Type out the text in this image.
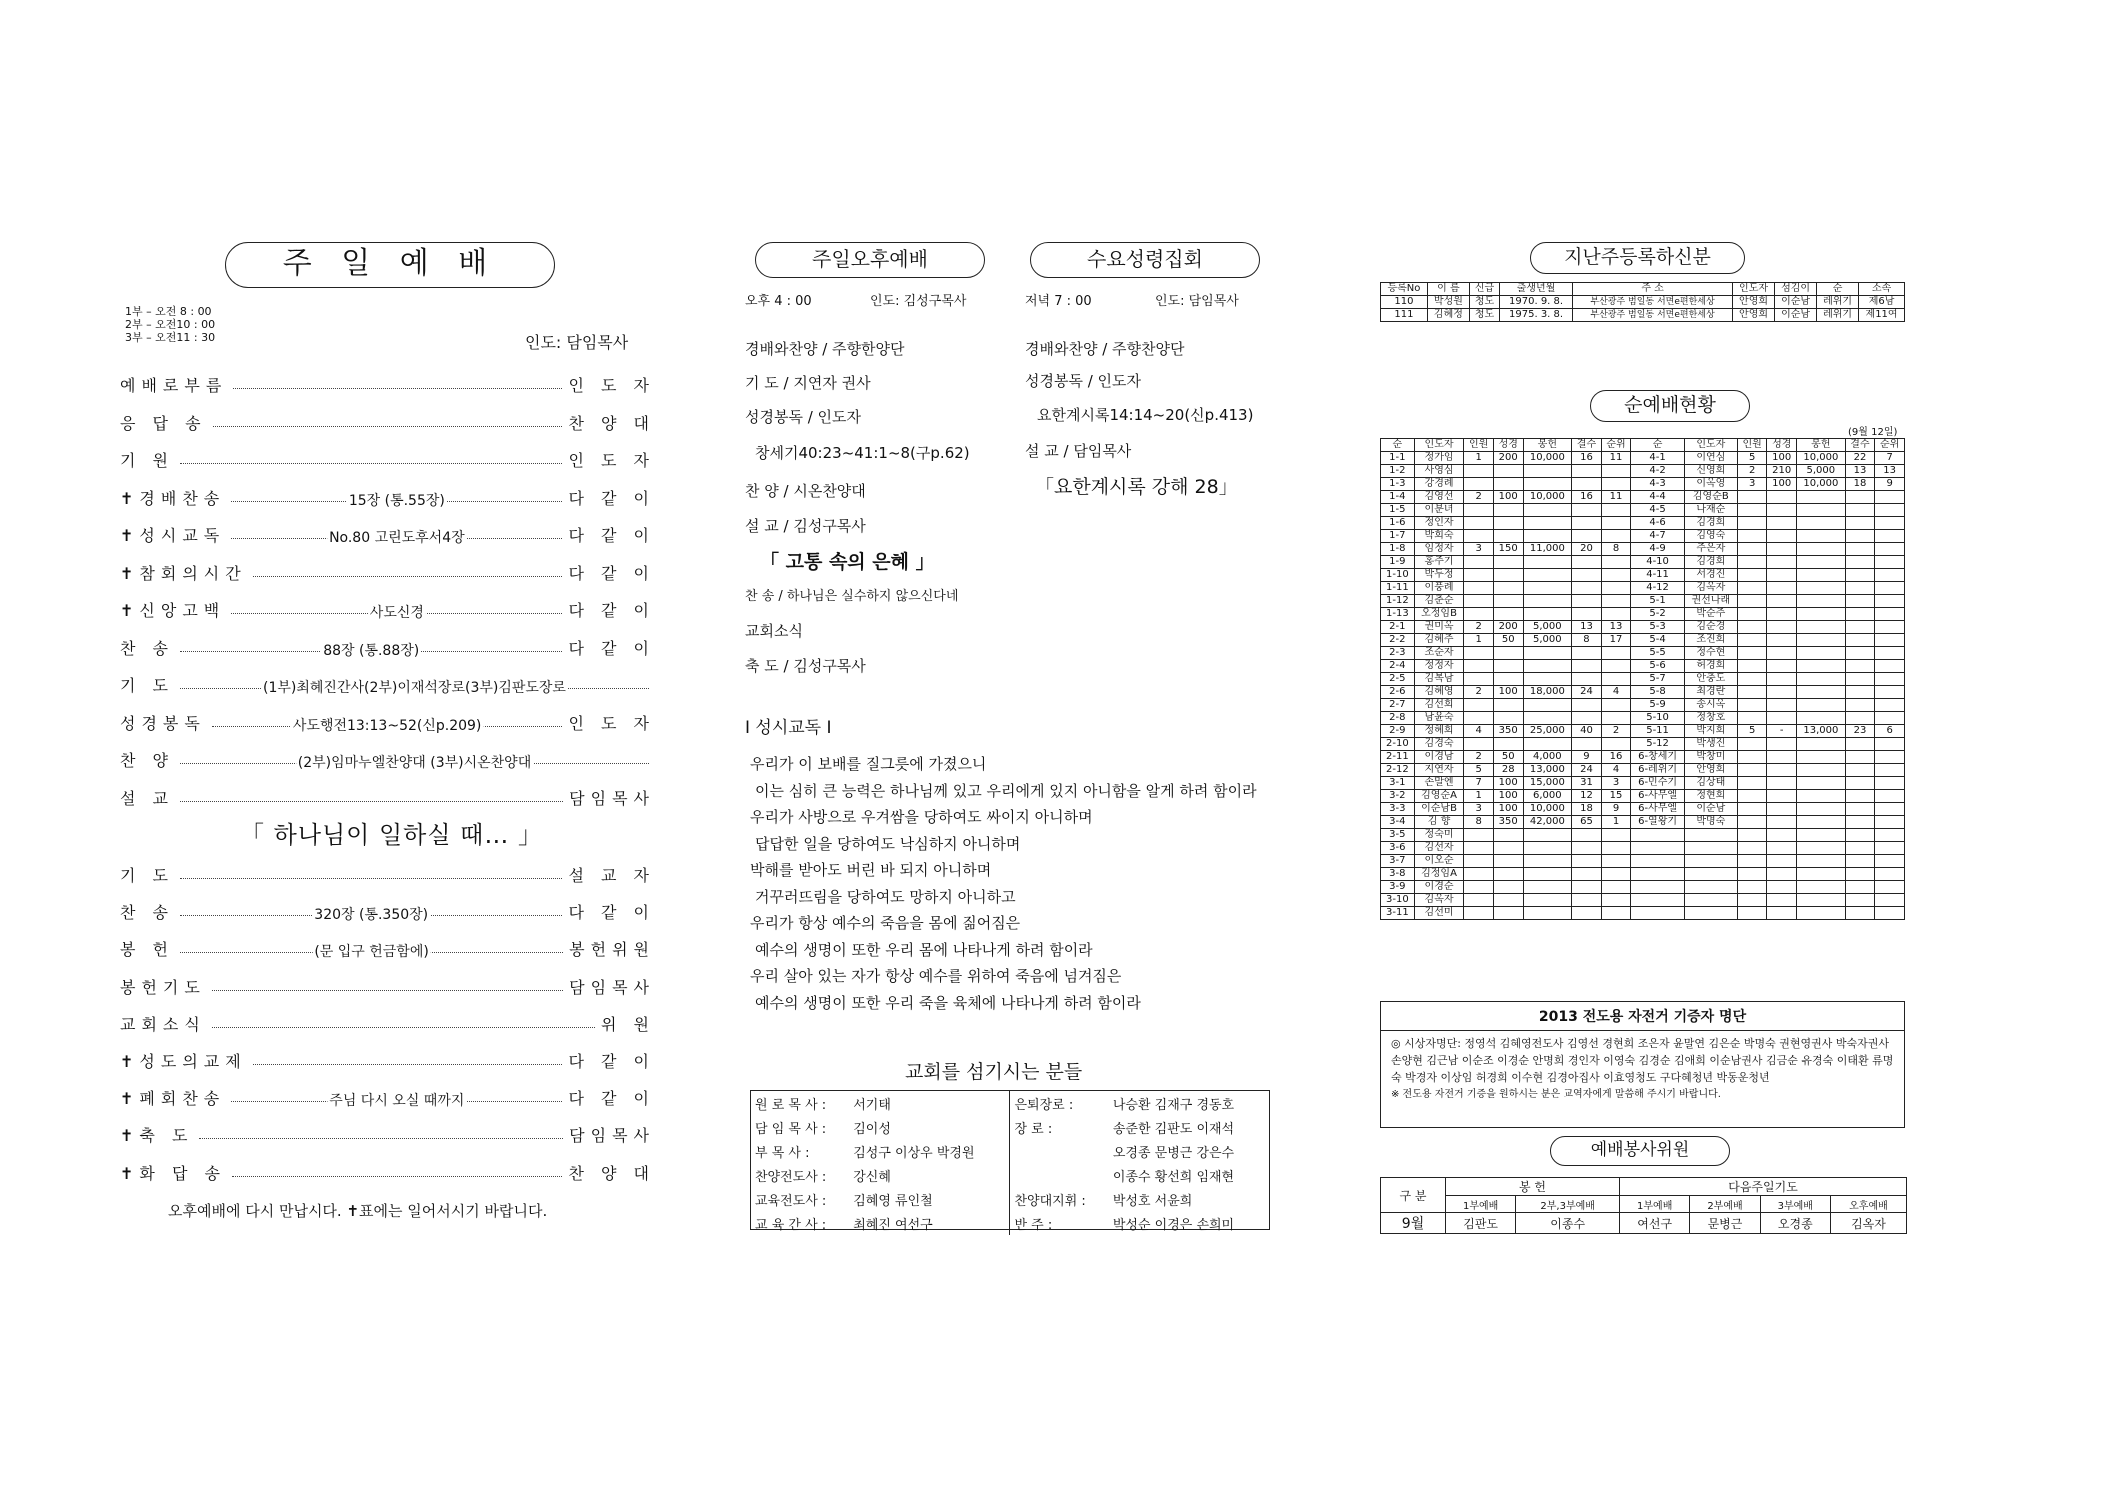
주 일 예 배
1부 – 오전 8 : 00
2부 – 오전10 : 00
3부 – 오전11 : 30	인도: 담임목사
예배로부름	인 도 자
응 답 송	찬 양 대
기 원	인 도 자
✝경배찬송	15장 (통.55장)	다 같 이
✝성시교독	No.80 고린도후서4장	다 같 이
✝참회의시간	다 같 이
✝신앙고백	사도신경	다 같 이
찬 송	88장 (통.88장)	다 같 이
기 도	(1부)최혜진간사(2부)이재석장로(3부)김판도장로
성경봉독	사도행전13:13~52(신p.209)	인 도 자
찬 양	(2부)임마누엘찬양대 (3부)시온찬양대
설 교	담임목사
「 하나님이 일하실 때… 」
기 도	설 교 자
찬 송	320장 (통.350장)	다 같 이
봉 헌	(문 입구 헌금함에)	봉헌위원
봉헌기도	담임목사
교회소식	위 원
✝성도의교제	다 같 이
✝폐회찬송	주님 다시 오실 때까지	다 같 이
✝축 도	담임목사
✝화 답 송	찬 양 대
오후예배에 다시 만납시다. ✝표에는 일어서시기 바랍니다.
주일오후예배	수요성령집회
오후 4 : 00	인도: 김성구목사	저녁 7 : 00	인도: 담임목사
경배와찬양 / 주향한양단
기 도 / 지연자 권사
성경봉독 / 인도자
창세기40:23~41:1~8(구p.62)
찬 양 / 시온찬양대
설 교 / 김성구목사
「 고통 속의 은혜 」
찬 송 / 하나님은 실수하지 않으신다네
교회소식
축 도 / 김성구목사
경배와찬양 / 주향찬양단
성경봉독 / 인도자
요한계시록14:14~20(신p.413)
설 교 / 담임목사
「요한계시록 강해 28」
Ⅰ 성시교독 Ⅰ
우리가 이 보배를 질그릇에 가졌으니
이는 심히 큰 능력은 하나님께 있고 우리에게 있지 아니함을 알게 하려 함이라
우리가 사방으로 우겨쌈을 당하여도 싸이지 아니하며
답답한 일을 당하여도 낙심하지 아니하며
박해를 받아도 버린 바 되지 아니하며
거꾸러뜨림을 당하여도 망하지 아니하고
우리가 항상 예수의 죽음을 몸에 짊어짐은
예수의 생명이 또한 우리 몸에 나타나게 하려 함이라
우리 살아 있는 자가 항상 예수를 위하여 죽음에 넘겨짐은
예수의 생명이 또한 우리 죽을 육체에 나타나게 하려 함이라
교회를 섬기시는 분들
원 로 목 사 :	서기태	은퇴장로 :	나승환 김재구 경동호
담 임 목 사 :	김이성	장 로 :	송준한 김판도 이재석
부 목 사 :	김성구 이상우 박경원		오경종 문병근 강은수
찬양전도사 :	강신혜		이종수 황선희 임재현
교육전도사 :	김혜영 류인철	찬양대지휘 :	박성호 서윤희
교 육 간 사 :	최혜진 여선구	반 주 :	박성순 이경은 손희미
지난주등록하신분
등록No	이 름	신급	출생년월	주 소	인도자	섬김이	순	소속
110	박성원	청도	1970. 9. 8.	부산광주 범일동 서면e편한세상	안영희	이순남	레위기	제6남
111	김혜정	청도	1975. 3. 8.	부산광주 범일동 서면e편한세상	안영희	이순남	레위기	제11여
순예배현황
(9월 12일)
순	인도자	인원	성경	봉헌	결수	순위	순	인도자	인원	성경	봉헌	결수	순위
1-1	정가임	1	200	10,000	16	11	4-1	이연심	5	100	10,000	22	7
1-2	사영심						4-2	신영희	2	210	5,000	13	13
1-3	강경례						4-3	이옥영	3	100	10,000	18	9
1-4	김영선	2	100	10,000	16	11	4-4	김영순B					
1-5	이분녀						4-5	나재순					
1-6	정인자						4-6	김경희					
1-7	박희숙						4-7	김영숙					
1-8	임정자	3	150	11,000	20	8	4-9	주은자					
1-9	홍주기						4-10	김경희					
1-10	박두정						4-11	서경진					
1-11	이풍례						4-12	김옥자					
1-12	김춘순						5-1	권선나래					
1-13	오정임B						5-2	박순주					
2-1	권미옥	2	200	5,000	13	13	5-3	김순경					
2-2	김혜주	1	50	5,000	8	17	5-4	조진희					
2-3	조순자						5-5	정수현					
2-4	정정자						5-6	허경희					
2-5	김복남						5-7	안충도					
2-6	김혜영	2	100	18,000	24	4	5-8	최경란					
2-7	김선희						5-9	송시옥					
2-8	남윤숙						5-10	정창호					
2-9	정혜희	4	350	25,000	40	2	5-11	박지희	5	-	13,000	23	6
2-10	김경숙						5-12	박생진					
2-11	이경남	2	50	4,000	9	16	6-창세기	박창미					
2-12	지연자	5	28	13,000	24	4	6-레위기	안영희					
3-1	손말엔	7	100	15,000	31	3	6-민수기	김상태					
3-2	김영순A	1	100	6,000	12	15	6-사무엘	정현희					
3-3	이순남B	3	100	10,000	18	9	6-사무엘	이순남					
3-4	김 향	8	350	42,000	65	1	6-열왕기	박명숙					
3-5	정숙미												
3-6	김선자												
3-7	이오순												
3-8	김정임A												
3-9	이경순												
3-10	김옥자												
3-11	김선미												
2013 전도용 자전거 기증자 명단
◎ 시상자명단: 정영석 김혜영전도사 김영선 경현희 조은자 윤말연 김은순 박명숙 권현영권사 박숙자권사 손양현 김근남 이순조 이경순 안명희 경인자 이영숙 김경순 김애희 이순남권사 김금순 유경숙 이태환 류명숙 박경자 이상임 허경희 이수현 김경아집사 이효영청도 구다혜청년 박동운청년
※ 전도용 자전거 기증을 원하시는 분은 교역자에게 말씀해 주시기 바랍니다.
예배봉사위원
구 분	봉 헌		다음주일기도			
	1부예배	2부,3부예배	1부예배	2부예배	3부예배	오후예배
9월	김판도	이종수	여선구	문병근	오경종	김옥자
